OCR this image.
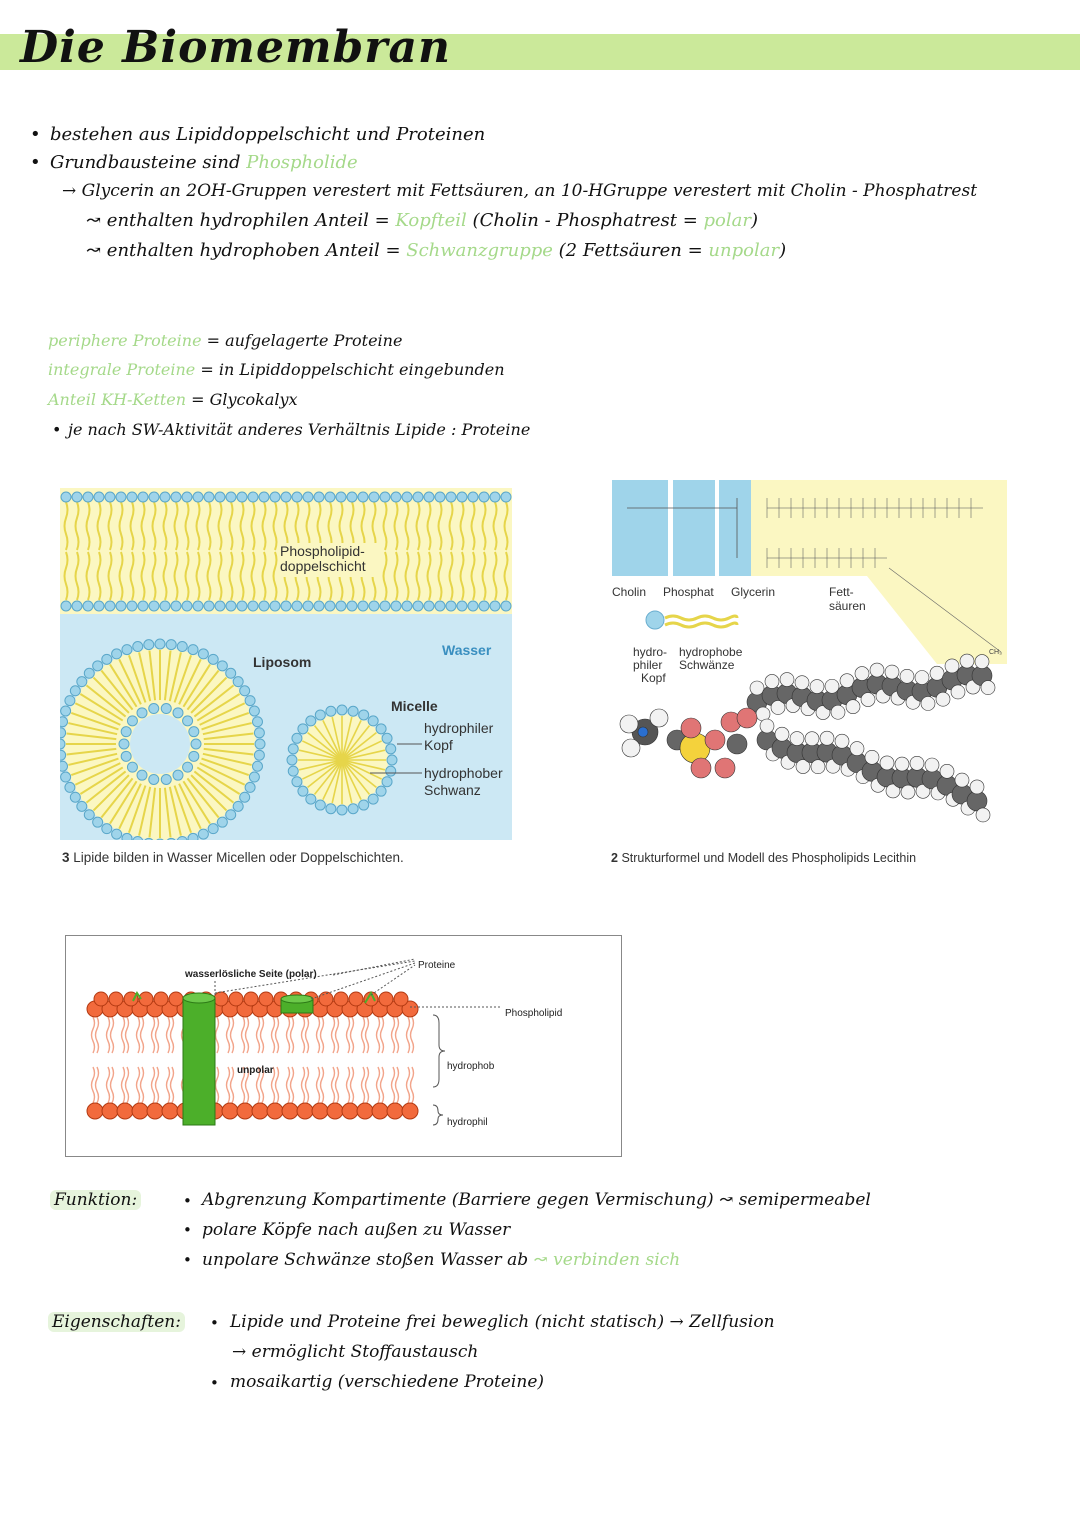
Die Biomembran
• bestehen aus Lipiddoppelschicht und Proteinen
• Grundbausteine sind Phospholide
→ Glycerin an 2OH-Gruppen verestert mit Fettsäuren, an 10-HGruppe verestert mit Cholin - Phosphatrest
↝ enthalten hydrophilen Anteil = Kopfteil (Cholin - Phosphatrest = polar)
↝ enthalten hydrophoben Anteil = Schwanzgruppe (2 Fettsäuren = unpolar)
periphere Proteine = aufgelagerte Proteine
integrale Proteine = in Lipiddoppelschicht eingebunden
Anteil KH-Ketten = Glycokalyx
• je nach SW-Aktivität anderes Verhältnis Lipide : Proteine
Phospholipid-
doppelschicht
Liposom
Wasser
Micelle
hydrophiler
Kopf
hydrophober
Schwanz
3 Lipide bilden in Wasser Micellen oder Doppelschichten.
CH₃
Cholin Phosphat Glycerin	Fett-
säuren
hydro-
philer
Kopf
hydrophobe
Schwänze
2 Strukturformel und Modell des Phospholipids Lecithin
wasserlösliche Seite (polar)
Proteine
Phospholipid
unpolar	hydrophob
hydrophil
Funktion:	• Abgrenzung Kompartimente (Barriere gegen Vermischung) ↝ semipermeabel
• polare Köpfe nach außen zu Wasser
• unpolare Schwänze stoßen Wasser ab ↝ verbinden sich
Eigenschaften: • Lipide und Proteine frei beweglich (nicht statisch) → Zellfusion
→ ermöglicht Stoffaustausch
• mosaikartig (verschiedene Proteine)
